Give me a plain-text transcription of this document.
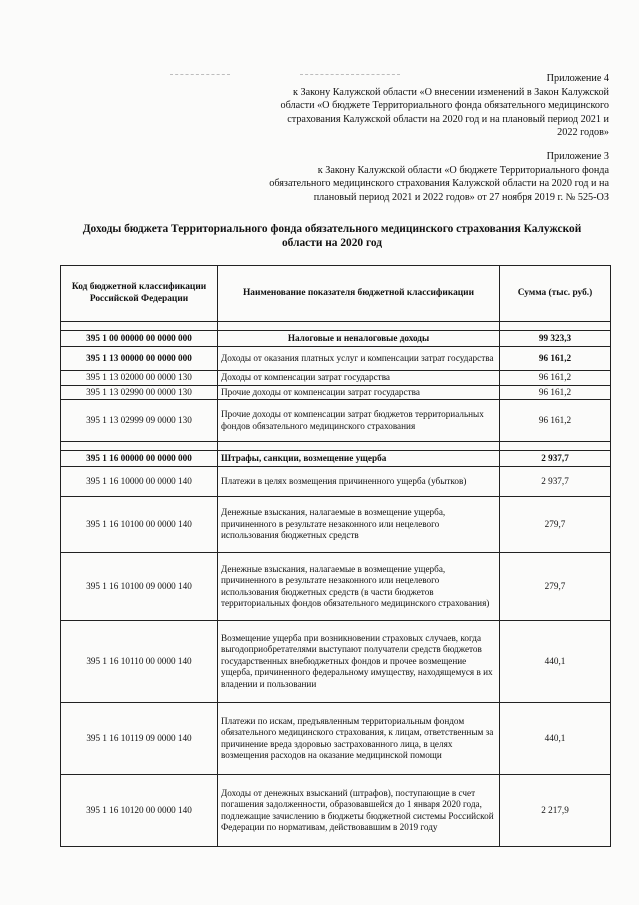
Приложение 4
к Закону Калужской области «О внесении изменений в Закон Калужской
области «О бюджете Территориального фонда обязательного медицинского
страхования Калужской области на 2020 год и на плановый период 2021 и
2022 годов»
Приложение 3
к Закону Калужской области «О бюджете Территориального фонда
обязательного медицинского страхования Калужской области на 2020 год и на
плановый период 2021 и 2022 годов» от 27 ноября 2019 г. № 525-ОЗ
Доходы бюджета Территориального фонда обязательного медицинского страхования Калужской
области на 2020 год
Код бюджетной классификации Российской Федерации	Наименование показателя бюджетной классификации	Сумма (тыс. руб.)

395 1 00 00000 00 0000 000	Налоговые и неналоговые доходы	99 323,3
395 1 13 00000 00 0000 000	Доходы от оказания платных услуг и компенсации затрат государства	96 161,2
395 1 13 02000 00 0000 130	Доходы от компенсации затрат государства	96 161,2
395 1 13 02990 00 0000 130	Прочие доходы от компенсации затрат государства	96 161,2
395 1 13 02999 09 0000 130	Прочие доходы от компенсации затрат бюджетов территориальных фондов обязательного медицинского страхования	96 161,2

395 1 16 00000 00 0000 000	Штрафы, санкции, возмещение ущерба	2 937,7
395 1 16 10000 00 0000 140	Платежи в целях возмещения причиненного ущерба (убытков)	2 937,7
395 1 16 10100 00 0000 140	Денежные взыскания, налагаемые в возмещение ущерба, причиненного в результате незаконного или нецелевого использования бюджетных средств	279,7
395 1 16 10100 09 0000 140	Денежные взыскания, налагаемые в возмещение ущерба, причиненного в результате незаконного или нецелевого использования бюджетных средств (в части бюджетов территориальных фондов обязательного медицинского страхования)	279,7
395 1 16 10110 00 0000 140	Возмещение ущерба при возникновении страховых случаев, когда выгодоприобретателями выступают получатели средств бюджетов государственных внебюджетных фондов и прочее возмещение ущерба, причиненного федеральному имуществу, находящемуся в их владении и пользовании	440,1
395 1 16 10119 09 0000 140	Платежи по искам, предъявленным территориальным фондом обязательного медицинского страхования, к лицам, ответственным за причинение вреда здоровью застрахованного лица, в целях возмещения расходов на оказание медицинской помощи	440,1
395 1 16 10120 00 0000 140	Доходы от денежных взысканий (штрафов), поступающие в счет погашения задолженности, образовавшейся до 1 января 2020 года, подлежащие зачислению в бюджеты бюджетной системы Российской Федерации по нормативам, действовавшим в 2019 году	2 217,9
